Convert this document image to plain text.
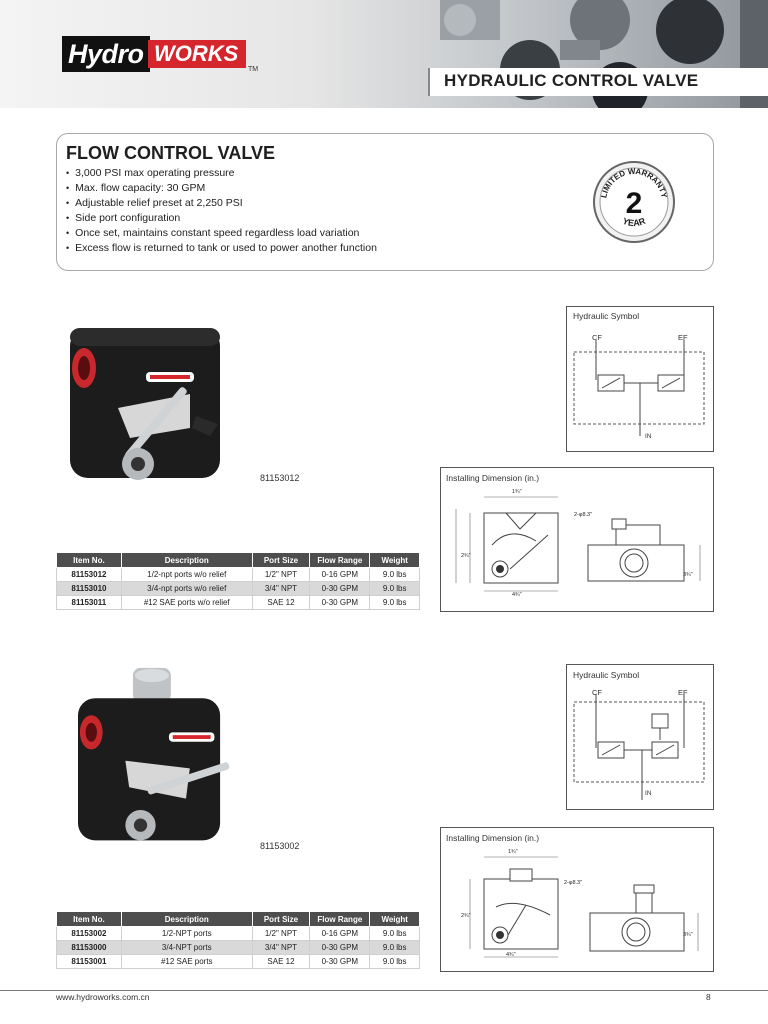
Hydro WORKS
TM
HYDRAULIC CONTROL VALVE
FLOW CONTROL VALVE
• 3,000 PSI max operating pressure
• Max. flow capacity: 30 GPM
• Adjustable relief preset at 2,250 PSI
• Side port configuration
• Once set, maintains constant speed regardless load variation
• Excess flow is returned to tank or used to power another function
LIMITED WARRANTY
2
YEAR
81153012
Hydraulic Symbol
CF	EF
IN
Installing Dimension (in.)
1¾"
2-φ8.3"
4¾"
2¾"
3¾"
Item No.	Description	Port Size	Flow Range	Weight
81153012	1/2-npt ports w/o relief	1/2" NPT	0-16 GPM	9.0 lbs
81153010	3/4-npt ports w/o relief	3/4" NPT	0-30 GPM	9.0 lbs
81153011	#12 SAE ports w/o relief	SAE 12	0-30 GPM	9.0 lbs
81153002
Hydraulic Symbol
CF	EF
IN
Installing Dimension (in.)
1¾"
2-φ8.3"
4¾"
2¾"
3¾"
Item No.	Description	Port Size	Flow Range	Weight
81153002	1/2-NPT ports	1/2" NPT	0-16 GPM	9.0 lbs
81153000	3/4-NPT ports	3/4" NPT	0-30 GPM	9.0 lbs
81153001	#12 SAE ports	SAE 12	0-30 GPM	9.0 lbs
www.hydroworks.com.cn	8
